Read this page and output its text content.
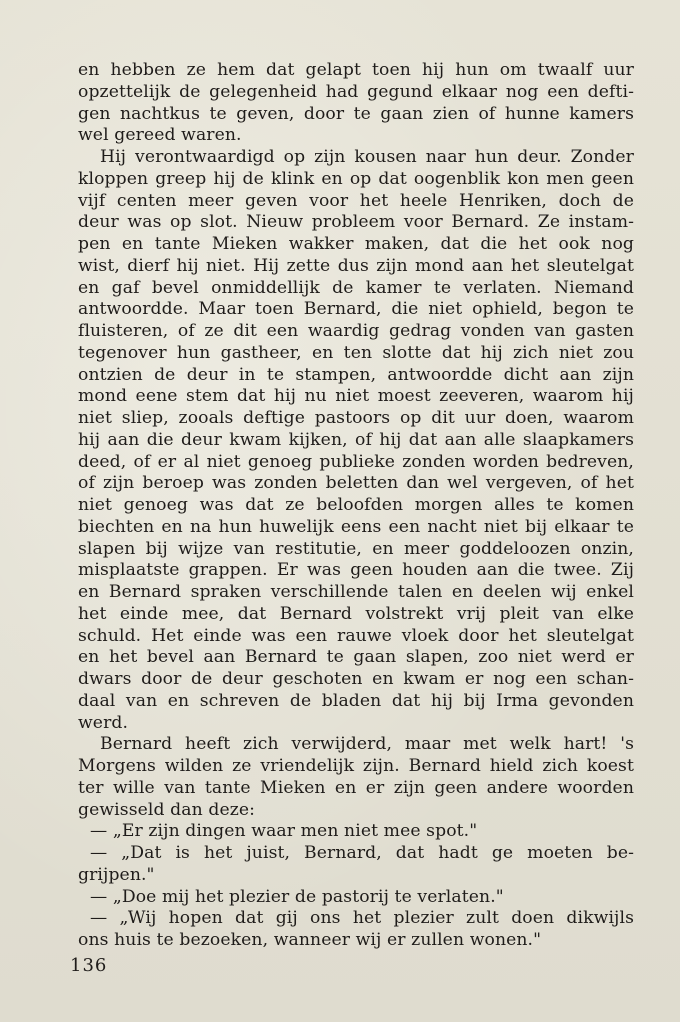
en hebben ze hem dat gelapt toen hij hun om twaalf uur
opzettelijk de gelegenheid had gegund elkaar nog een defti-
gen nachtkus te geven, door te gaan zien of hunne kamers
wel gereed waren.
Hij verontwaardigd op zijn kousen naar hun deur. Zonder
kloppen greep hij de klink en op dat oogenblik kon men geen
vijf centen meer geven voor het heele Henriken, doch de
deur was op slot. Nieuw probleem voor Bernard. Ze instam-
pen en tante Mieken wakker maken, dat die het ook nog
wist, dierf hij niet. Hij zette dus zijn mond aan het sleutelgat
en gaf bevel onmiddellijk de kamer te verlaten. Niemand
antwoordde. Maar toen Bernard, die niet ophield, begon te
fluisteren, of ze dit een waardig gedrag vonden van gasten
tegenover hun gastheer, en ten slotte dat hij zich niet zou
ontzien de deur in te stampen, antwoordde dicht aan zijn
mond eene stem dat hij nu niet moest zeeveren, waarom hij
niet sliep, zooals deftige pastoors op dit uur doen, waarom
hij aan die deur kwam kijken, of hij dat aan alle slaapkamers
deed, of er al niet genoeg publieke zonden worden bedreven,
of zijn beroep was zonden beletten dan wel vergeven, of het
niet genoeg was dat ze beloofden morgen alles te komen
biechten en na hun huwelijk eens een nacht niet bij elkaar te
slapen bij wijze van restitutie, en meer goddeloozen onzin,
misplaatste grappen. Er was geen houden aan die twee. Zij
en Bernard spraken verschillende talen en deelen wij enkel
het einde mee, dat Bernard volstrekt vrij pleit van elke
schuld. Het einde was een rauwe vloek door het sleutelgat
en het bevel aan Bernard te gaan slapen, zoo niet werd er
dwars door de deur geschoten en kwam er nog een schan-
daal van en schreven de bladen dat hij bij Irma gevonden
werd.
Bernard heeft zich verwijderd, maar met welk hart! 's
Morgens wilden ze vriendelijk zijn. Bernard hield zich koest
ter wille van tante Mieken en er zijn geen andere woorden
gewisseld dan deze:
— „Er zijn dingen waar men niet mee spot."
— „Dat is het juist, Bernard, dat hadt ge moeten be-
grijpen."
— „Doe mij het plezier de pastorij te verlaten."
— „Wij hopen dat gij ons het plezier zult doen dikwijls
ons huis te bezoeken, wanneer wij er zullen wonen."
136
